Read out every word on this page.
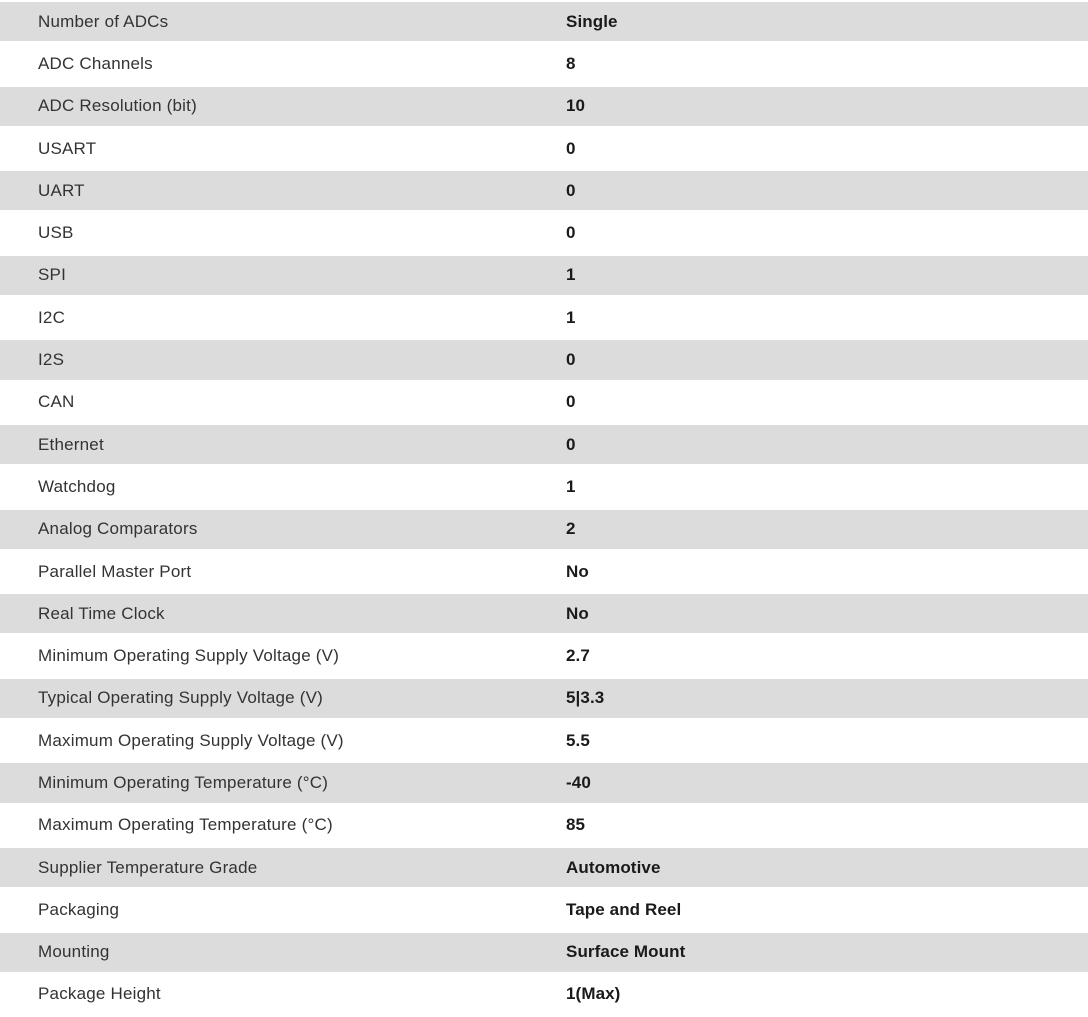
Number of ADCs	Single
ADC Channels	8
ADC Resolution (bit)	10
USART	0
UART	0
USB	0
SPI	1
I2C	1
I2S	0
CAN	0
Ethernet	0
Watchdog	1
Analog Comparators	2
Parallel Master Port	No
Real Time Clock	No
Minimum Operating Supply Voltage (V)	2.7
Typical Operating Supply Voltage (V)	5|3.3
Maximum Operating Supply Voltage (V)	5.5
Minimum Operating Temperature (°C)	-40
Maximum Operating Temperature (°C)	85
Supplier Temperature Grade	Automotive
Packaging	Tape and Reel
Mounting	Surface Mount
Package Height	1(Max)
